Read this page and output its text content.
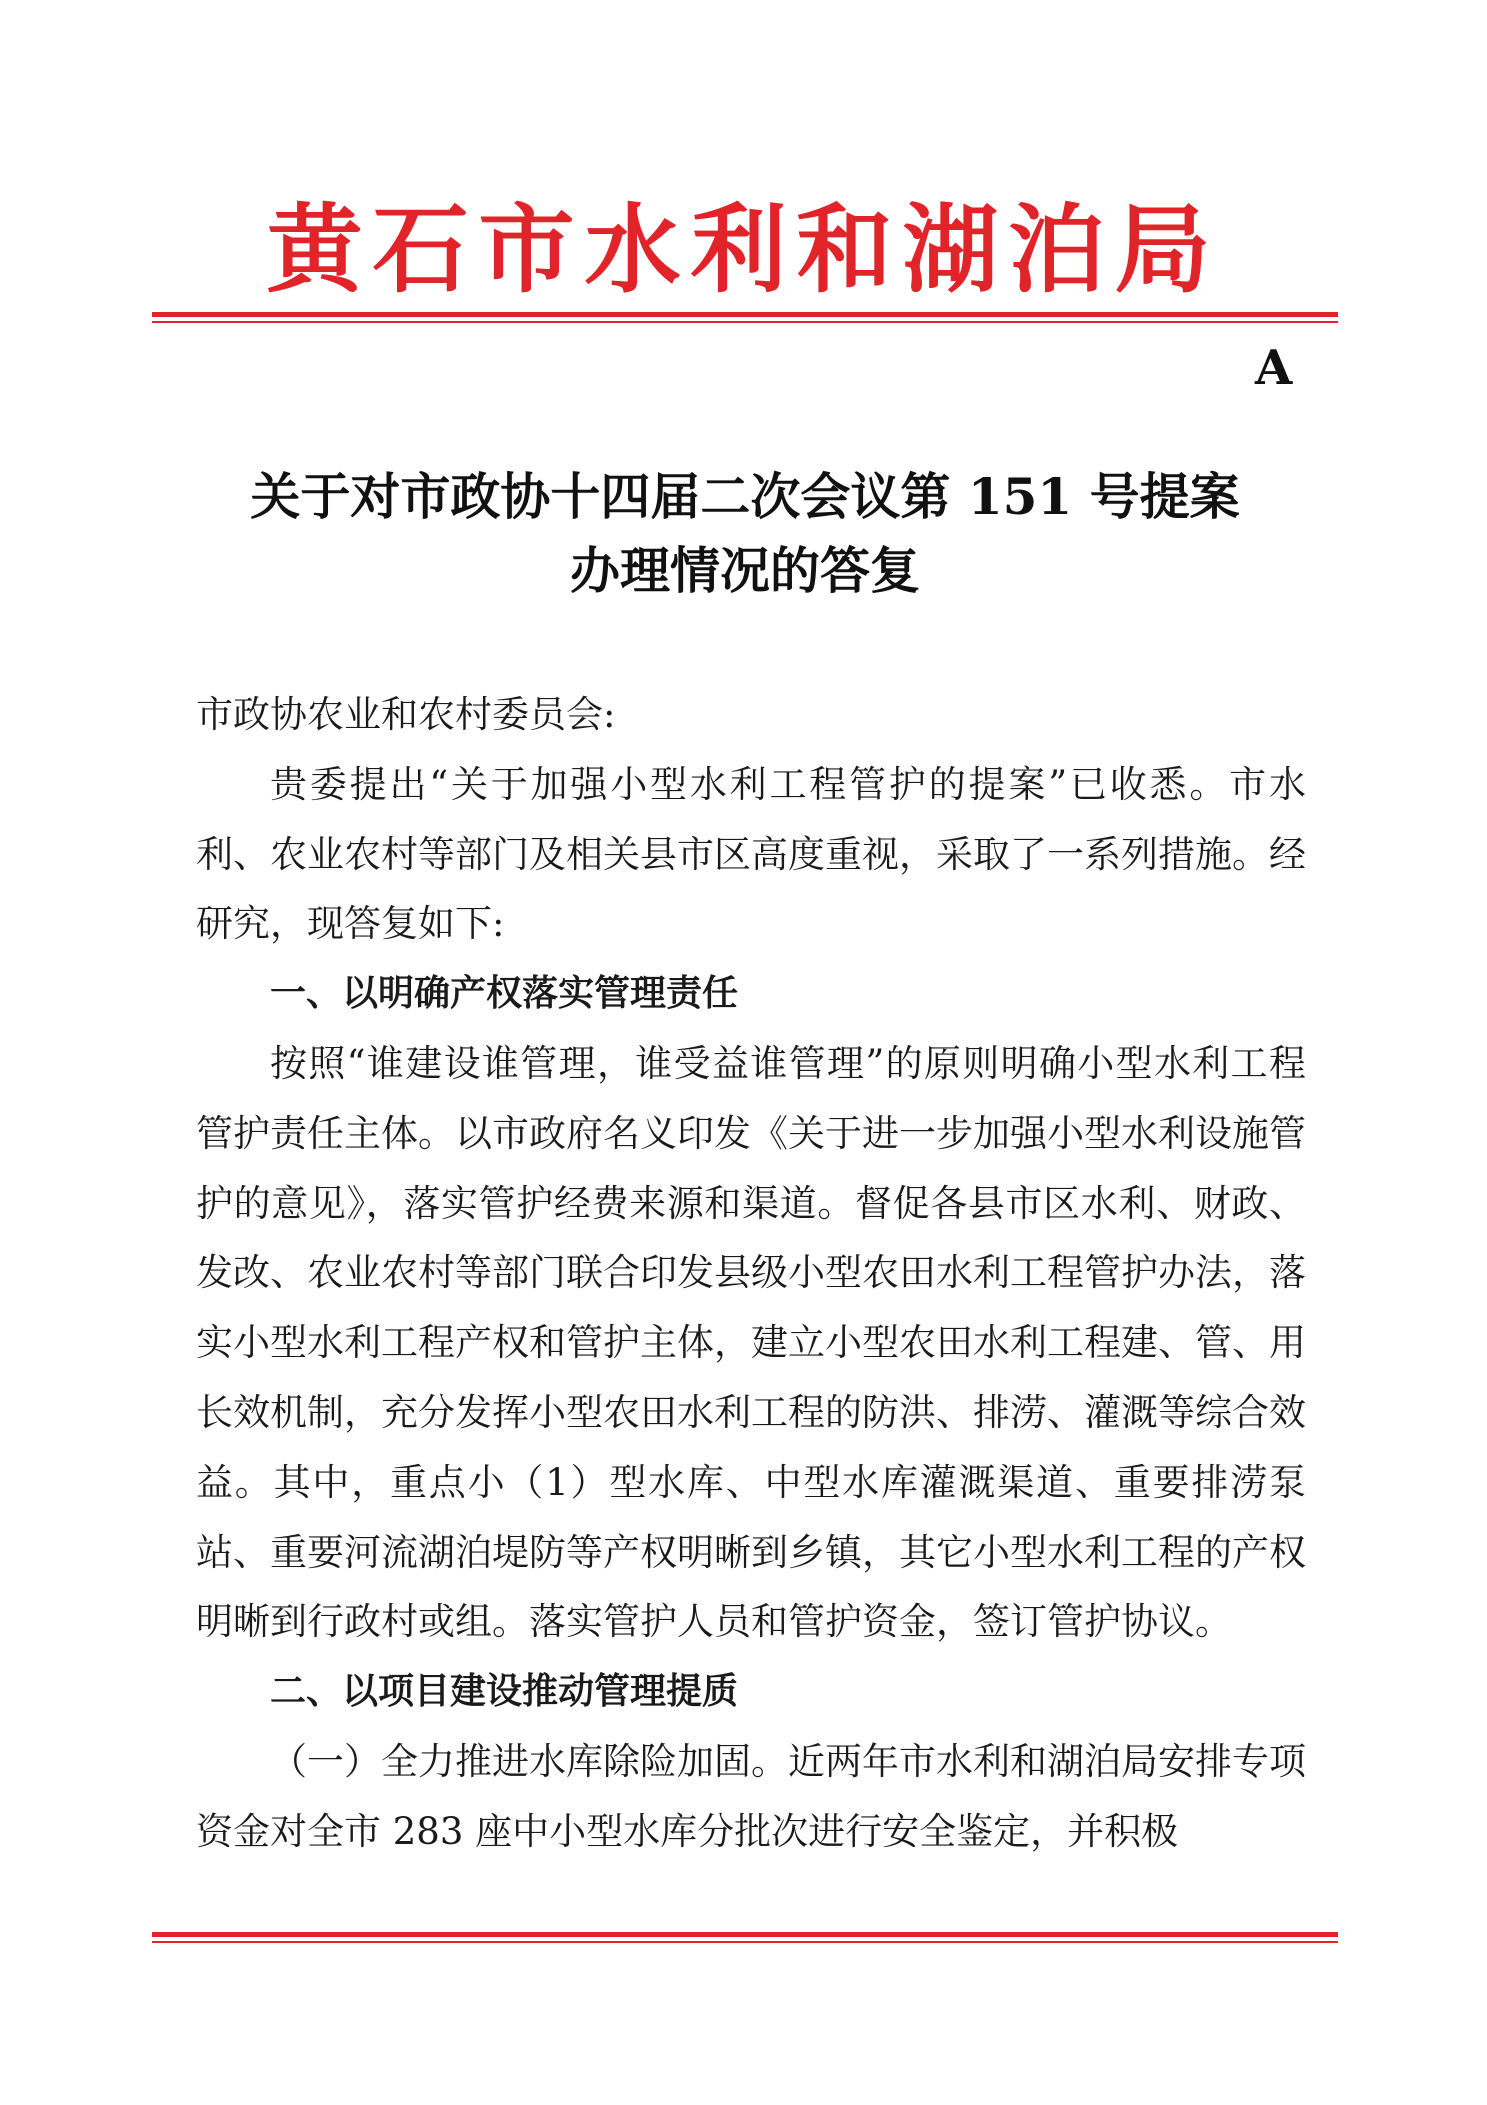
黄石市水利和湖泊局
A
关于对市政协十四届二次会议第 151 号提案
办理情况的答复

市政协农业和农村委员会:

贵委提出“关于加强小型水利工程管护的提案”已收悉。市水利、农业农村等部门及相关县市区高度重视，采取了一系列措施。经研究，现答复如下:

一、以明确产权落实管理责任

按照“谁建设谁管理，谁受益谁管理”的原则明确小型水利工程管护责任主体。以市政府名义印发《关于进一步加强小型水利设施管护的意见》，落实管护经费来源和渠道。督促各县市区水利、财政、发改、农业农村等部门联合印发县级小型农田水利工程管护办法，落实小型水利工程产权和管护主体，建立小型农田水利工程建、管、用长效机制，充分发挥小型农田水利工程的防洪、排涝、灌溉等综合效益。其中，重点小（1）型水库、中型水库灌溉渠道、重要排涝泵站、重要河流湖泊堤防等产权明晰到乡镇，其它小型水利工程的产权明晰到行政村或组。落实管护人员和管护资金，签订管护协议。

二、以项目建设推动管理提质

（一）全力推进水库除险加固。近两年市水利和湖泊局安排专项资金对全市 283 座中小型水库分批次进行安全鉴定，并积极
